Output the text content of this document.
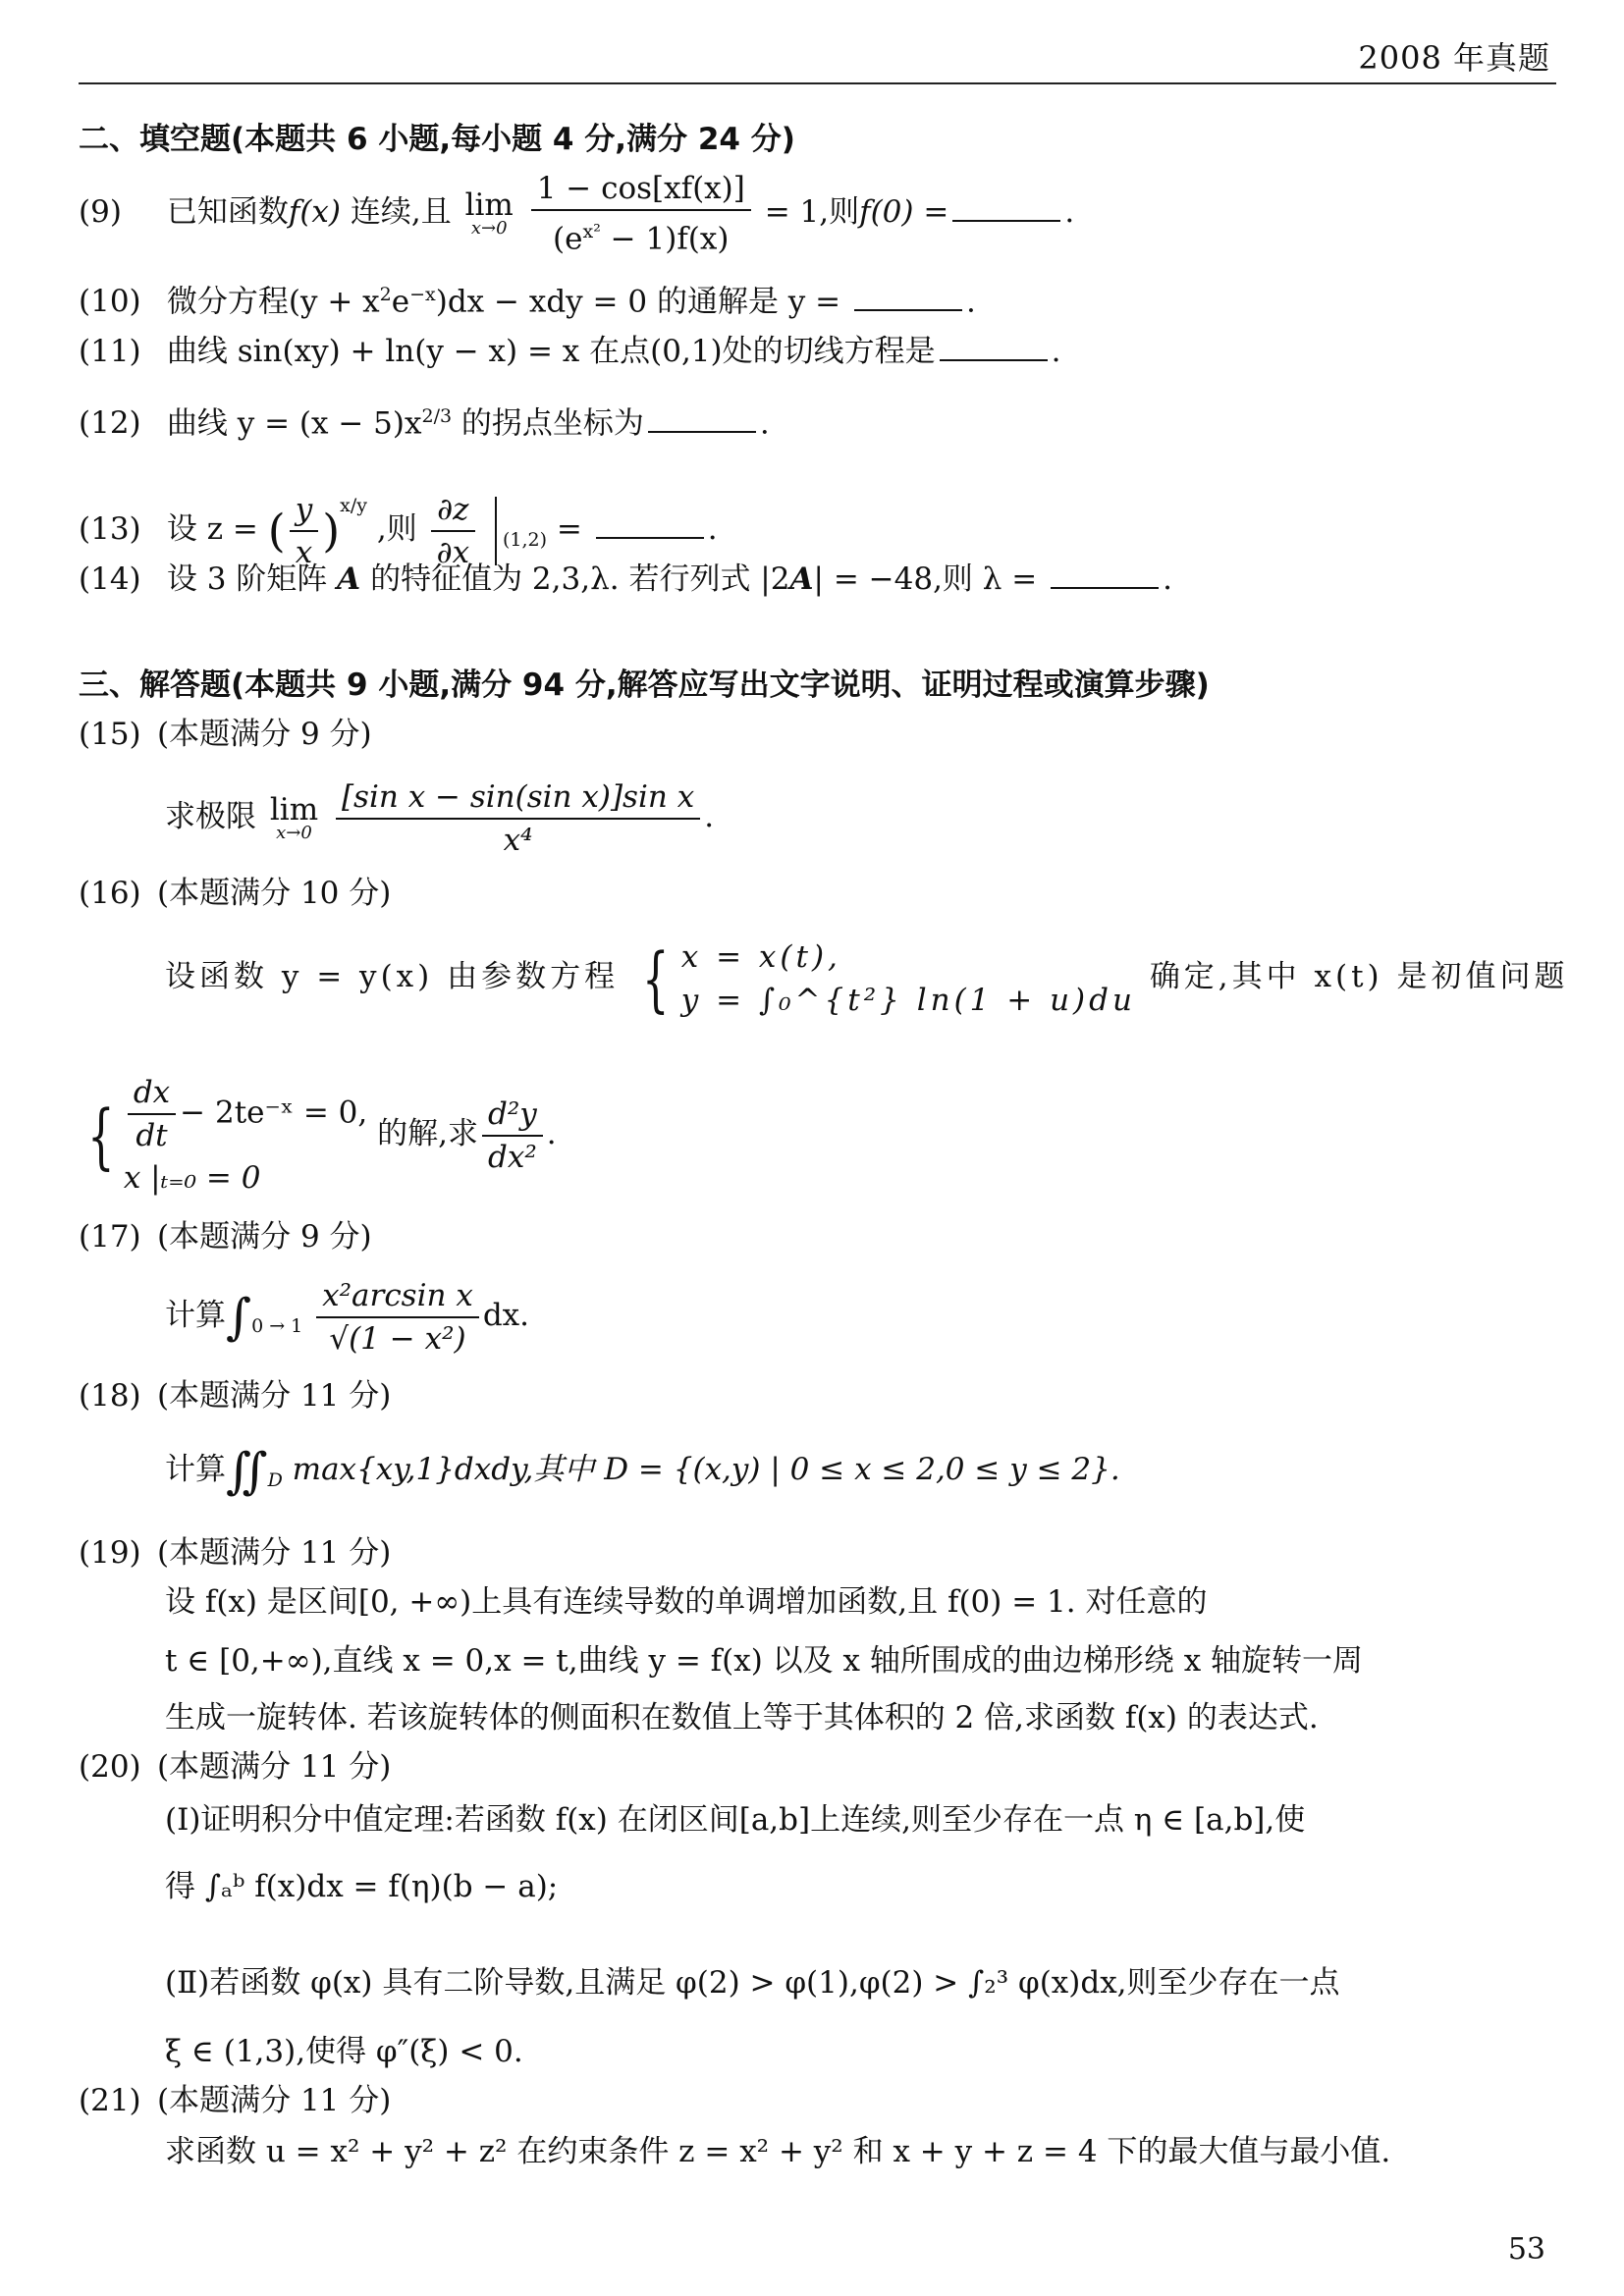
2008 年真题
二、填空题(本题共 6 小题,每小题 4 分,满分 24 分)
(9) 已知函数f(x) 连续,且 lim
x→0
$\frac{1 - \cos[xf(x)]}{(e^{x^2} - 1)f(x)} = 1$,则f(0) =	.
(10) 微分方程$(y + x^2e^{-x})dx$ − xdy = 0 的通解是 y =	.
(11) 曲线 sin(xy) + ln(y − x) = x 在点(0,1)处的切线方程是	.
(12) 曲线 $y = (x - 5)x^{2/3}$ 的拐点坐标为	.
(13) 设 z = ( $\frac{y}{x} )^{x/y}$ ,则 $\frac{\partial z}{\partial x} _{(1,2)}$ =	.
(14) 设 3 阶矩阵 A 的特征值为 2,3,λ. 若行列式 |2A| = −48,则 λ =	.
三、解答题(本题共 9 小题,满分 94 分,解答应写出文字说明、证明过程或演算步骤)
(15) (本题满分 9 分)
求极限 lim
x→0
$\frac{\text{[sin x − sin(sin x)]sin x}}{\text{x⁴}}$ .
(16) (本题满分 10 分)
设函数 y = y(x) 由参数方程 { x = x(t),
y = ∫₀^{t²} ln(1 + u)du
确定,其中 x(t) 是初值问题
{ $\frac{dx}{dt}$ − 2te⁻ˣ = 0,
x |ₜ₌₀ = 0
的解,求 $\frac{\text{d²y}}{\text{dx²}}$ .
(17) (本题满分 9 分)
计算$\int_{0 \to 1} \frac{\text{x²arcsin x}}{\text{√(1 − x²)}}$ dx.
(18) (本题满分 11 分)
计算$∬_D$ max{xy,1}dxdy,其中 D = {(x,y) | 0 ≤ x ≤ 2,0 ≤ y ≤ 2}.
(19) (本题满分 11 分)
设 f(x) 是区间[0, +∞)上具有连续导数的单调增加函数,且 f(0) = 1. 对任意的
t ∈ [0,+∞),直线 x = 0,x = t,曲线 y = f(x) 以及 x 轴所围成的曲边梯形绕 x 轴旋转一周
生成一旋转体. 若该旋转体的侧面积在数值上等于其体积的 2 倍,求函数 f(x) 的表达式.
(20) (本题满分 11 分)
(Ⅰ)证明积分中值定理:若函数 f(x) 在闭区间[a,b]上连续,则至少存在一点 η ∈ [a,b],使
得 ∫ₐᵇ f(x)dx = f(η)(b − a);
(Ⅱ)若函数 φ(x) 具有二阶导数,且满足 φ(2) > φ(1),φ(2) > ∫₂³ φ(x)dx,则至少存在一点
ξ ∈ (1,3),使得 φ″(ξ) < 0.
(21) (本题满分 11 分)
求函数 u = x² + y² + z² 在约束条件 z = x² + y² 和 x + y + z = 4 下的最大值与最小值.
53
